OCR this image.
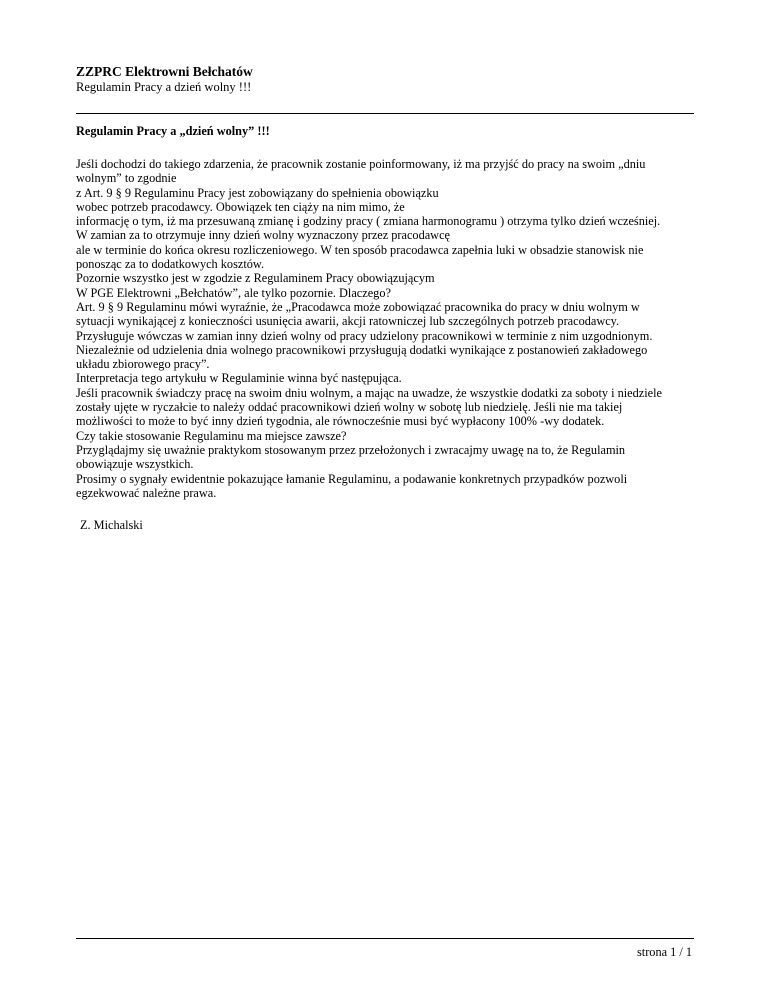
ZZPRC Elektrowni Bełchatów

Regulamin Pracy a dzień wolny !!!

Regulamin Pracy a „dzień wolny” !!!

Jeśli dochodzi do takiego zdarzenia, że pracownik zostanie poinformowany, iż ma przyjść do pracy na swoim „dniu
wolnym” to zgodnie
z Art. 9 § 9 Regulaminu Pracy jest zobowiązany do spełnienia obowiązku
wobec potrzeb pracodawcy. Obowiązek ten ciąży na nim mimo, że
informację o tym, iż ma przesuwaną zmianę i godziny pracy ( zmiana harmonogramu ) otrzyma tylko dzień wcześniej.
W zamian za to otrzymuje inny dzień wolny wyznaczony przez pracodawcę
ale w terminie do końca okresu rozliczeniowego. W ten sposób pracodawca zapełnia luki w obsadzie stanowisk nie
ponosząc za to dodatkowych kosztów.
Pozornie wszystko jest w zgodzie z Regulaminem Pracy obowiązującym
W PGE Elektrowni „Bełchatów”, ale tylko pozornie. Dlaczego?
Art. 9 § 9 Regulaminu mówi wyraźnie, że „Pracodawca może zobowiązać pracownika do pracy w dniu wolnym w
sytuacji wynikającej z konieczności usunięcia awarii, akcji ratowniczej lub szczególnych potrzeb pracodawcy.
Przysługuje wówczas w zamian inny dzień wolny od pracy udzielony pracownikowi w terminie z nim uzgodnionym.
Niezależnie od udzielenia dnia wolnego pracownikowi przysługują dodatki wynikające z postanowień zakładowego
układu zbiorowego pracy”.
Interpretacja tego artykułu w Regulaminie winna być następująca.
Jeśli pracownik świadczy pracę na swoim dniu wolnym, a mając na uwadze, że wszystkie dodatki za soboty i niedziele
zostały ujęte w ryczałcie to należy oddać pracownikowi dzień wolny w sobotę lub niedzielę. Jeśli nie ma takiej
możliwości to może to być inny dzień tygodnia, ale równocześnie musi być wypłacony 100% -wy dodatek.
Czy takie stosowanie Regulaminu ma miejsce zawsze?
Przyglądajmy się uważnie praktykom stosowanym przez przełożonych i zwracajmy uwagę na to, że Regulamin
obowiązuje wszystkich.
Prosimy o sygnały ewidentnie pokazujące łamanie Regulaminu, a podawanie konkretnych przypadków pozwoli
egzekwować należne prawa.

Z. Michalski

strona 1 / 1
